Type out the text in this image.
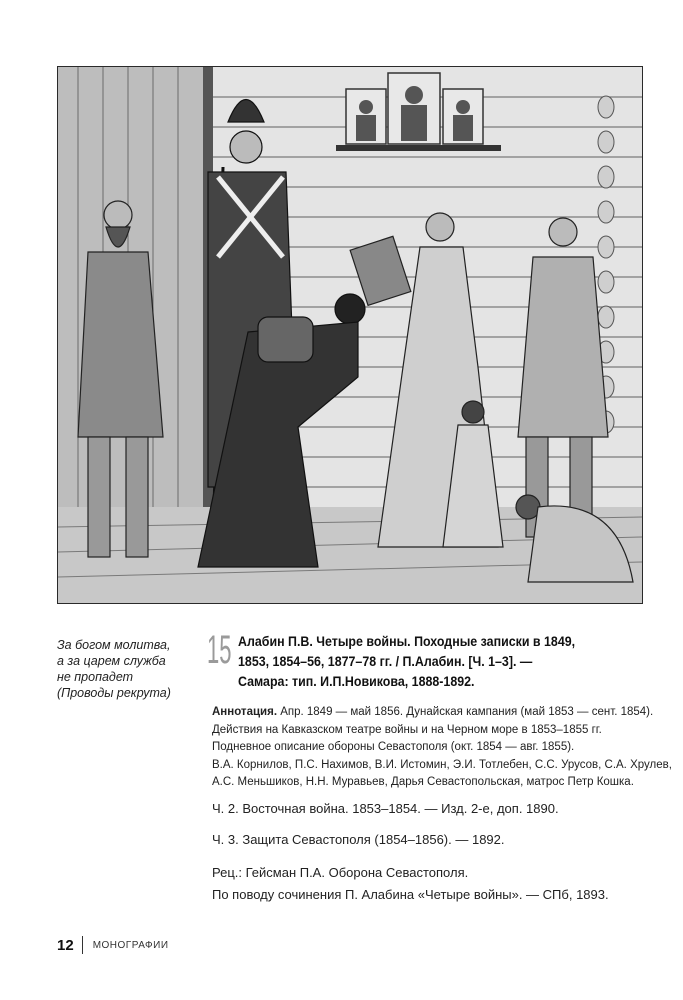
За богом молитва,
а за царем служба
не пропадет
(Проводы рекрута)
15 Алабин П.В. Четыре войны. Походные записки в 1849,
1853, 1854–56, 1877–78 гг. / П.Алабин. [Ч. 1–3]. —
Самара: тип. И.П.Новикова, 1888-1892.
Аннотация. Апр. 1849 — май 1856. Дунайская кампания (май 1853 — сент. 1854).
Действия на Кавказском театре войны и на Черном море в 1853–1855 гг.
Подневное описание обороны Севастополя (окт. 1854 — авг. 1855).
В.А. Корнилов, П.С. Нахимов, В.И. Истомин, Э.И. Тотлебен, С.С. Урусов, С.А. Хрулев,
А.С. Меньшиков, Н.Н. Муравьев, Дарья Севастопольская, матрос Петр Кошка.
Ч. 2. Восточная война. 1853–1854. — Изд. 2-е, доп. 1890.
Ч. 3. Защита Севастополя (1854–1856). — 1892.
Рец.: Гейсман П.А. Оборона Севастополя.
По поводу сочинения П. Алабина «Четыре войны». — СПб, 1893.
12 МОНОГРАФИИ
